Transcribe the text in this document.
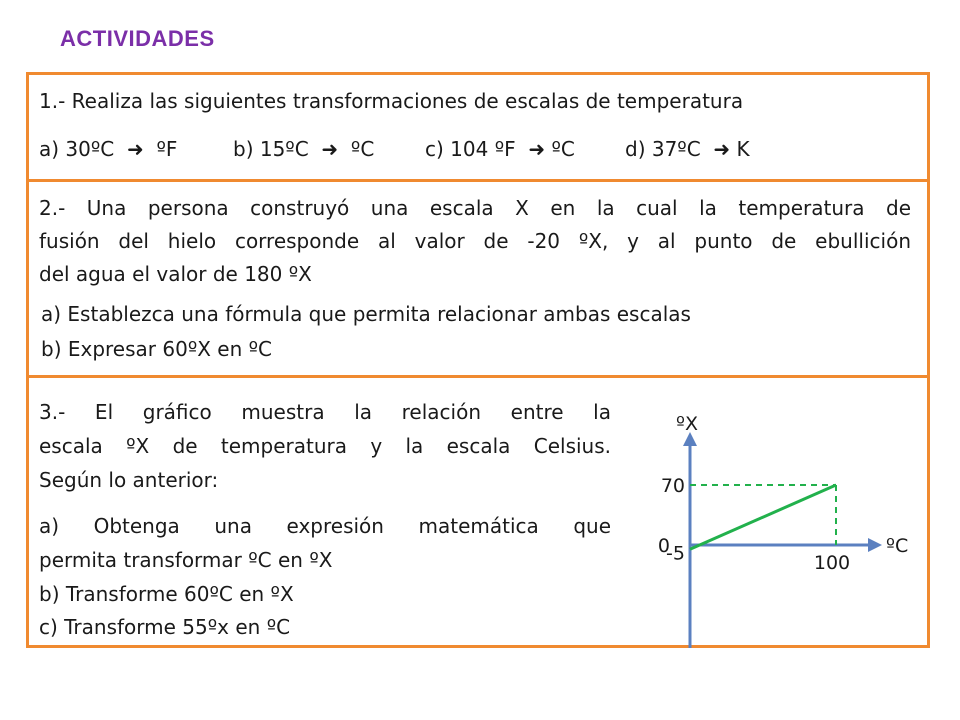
ACTIVIDADES
1.- Realiza las siguientes transformaciones de escalas de temperatura
a) 30ºC  ➜  ºF	b) 15ºC  ➜  ºC	c) 104 ºF  ➜ ºC	d) 37ºC  ➜ K
2.- Una persona construyó una escala X en la cual la temperatura de
fusión del hielo corresponde al valor de -20 ºX, y al punto de ebullición
del agua el valor de 180 ºX
a) Establezca una fórmula que permita relacionar ambas escalas
b) Expresar 60ºX en ºC
3.- El gráfico muestra la relación entre la
escala ºX de temperatura y la escala Celsius.
Según lo anterior:
a) Obtenga una expresión matemática que
permita transformar ºC en ºX
b) Transforme 60ºC en ºX
c) Transforme 55ºx en ºC
ºX
ºC
70
0
-5	100
